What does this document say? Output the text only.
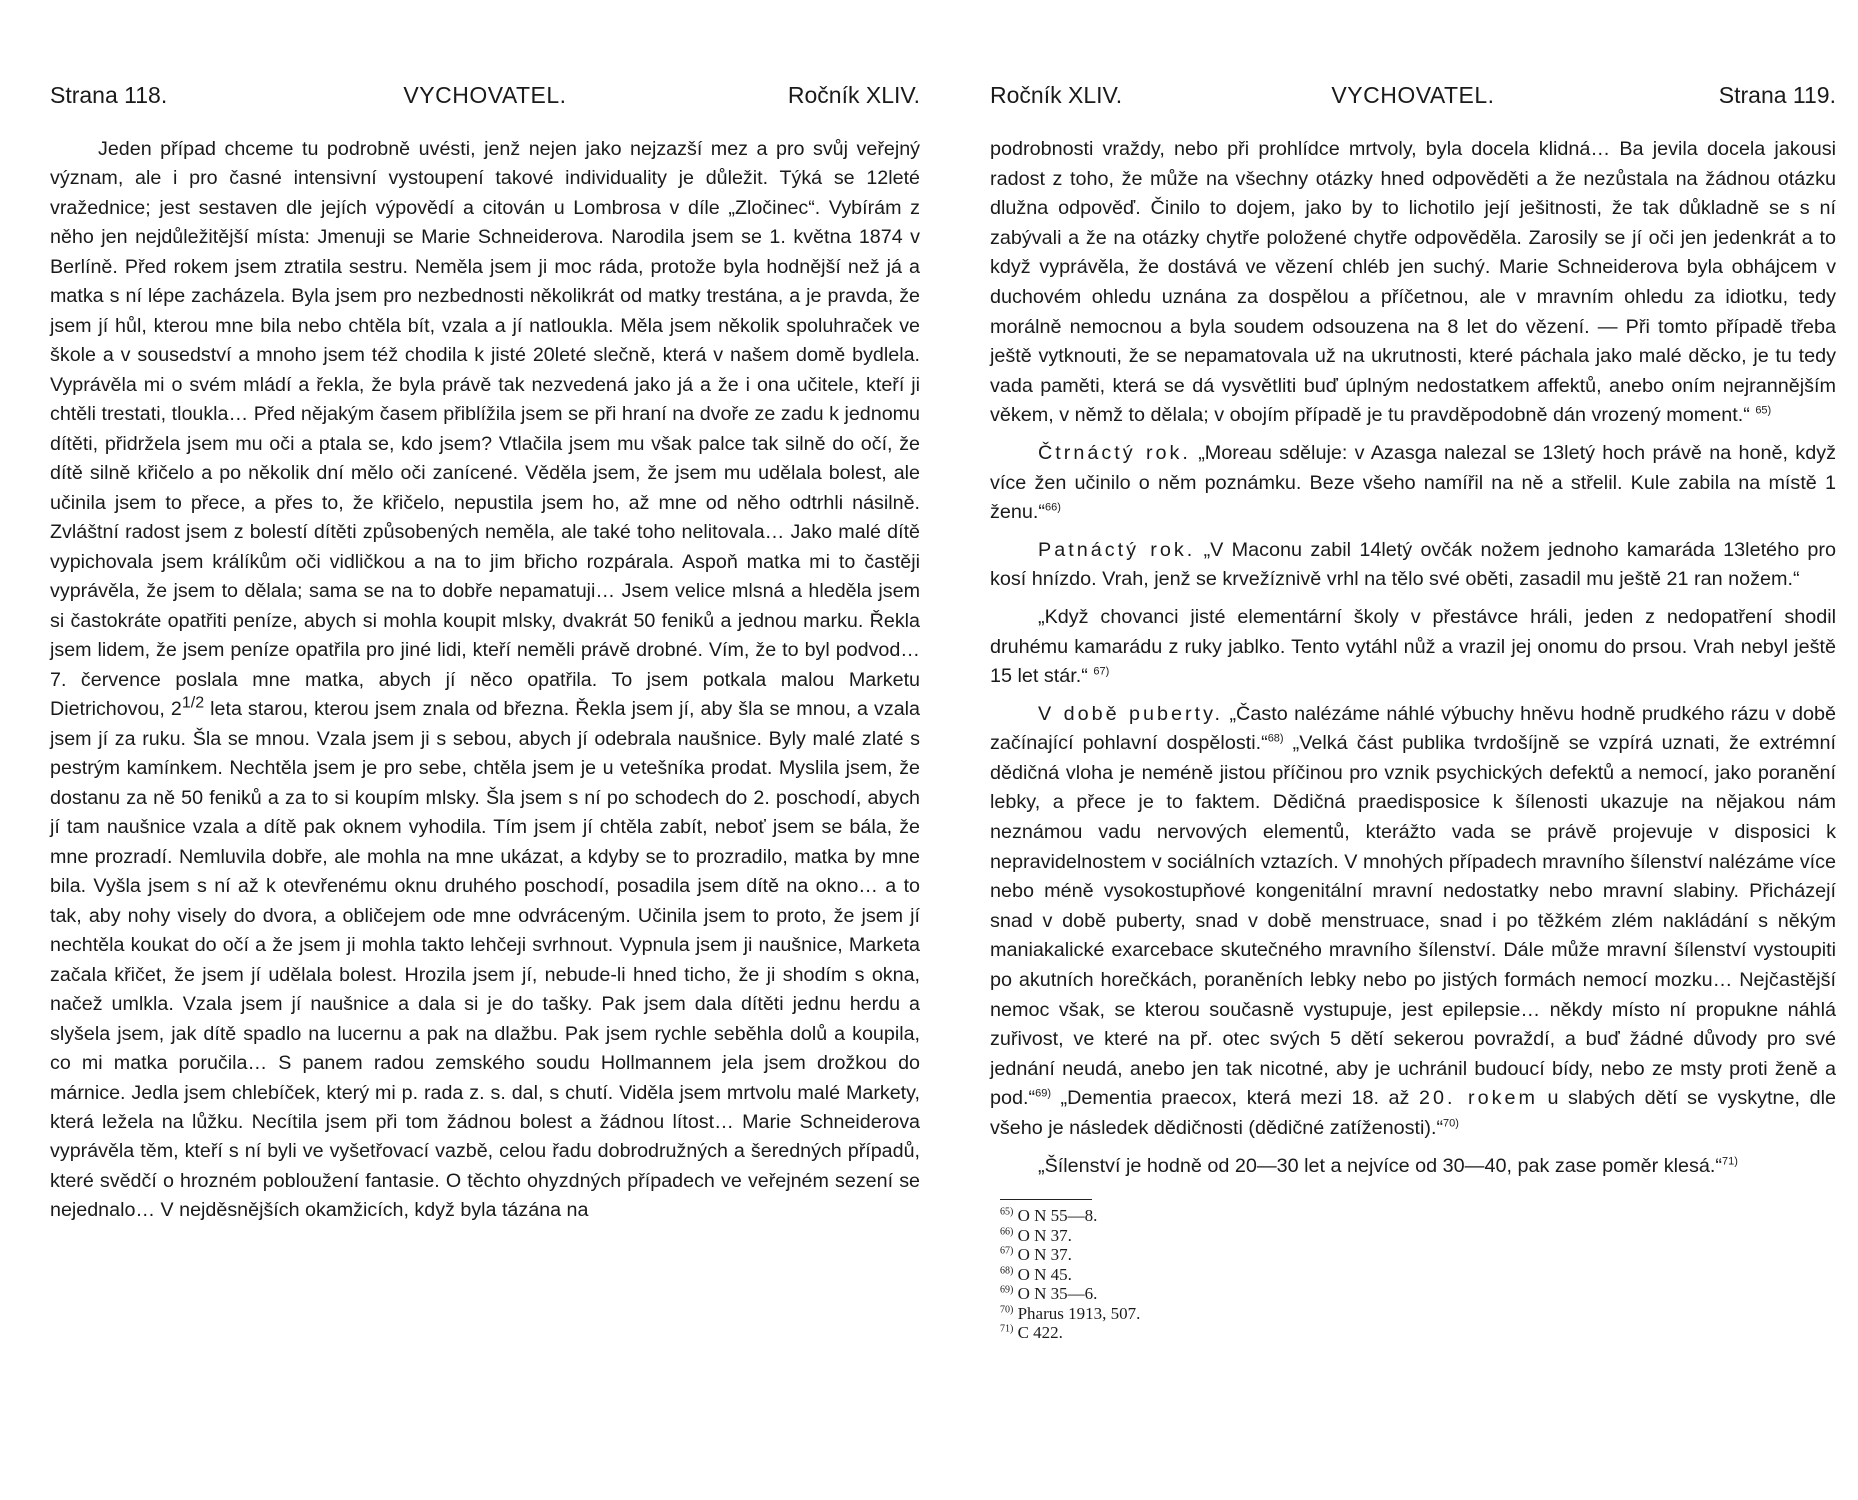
Strana 118.	VYCHOVATEL.	Ročník XLIV.

Jeden případ chceme tu podrobně uvésti, jenž nejen jako nejzazší mez a pro svůj veřejný význam, ale i pro časné intensivní vystoupení takové individuality je důležit. Týká se 12leté vražednice; jest sestaven dle jejích výpovědí a citován u Lombrosa v díle „Zločinec“. Vybírám z něho jen nejdůležitější místa: Jmenuji se Marie Schneiderova. Narodila jsem se 1. května 1874 v Berlíně. Před rokem jsem ztratila sestru. Neměla jsem ji moc ráda, protože byla hodnější než já a matka s ní lépe zacházela. Byla jsem pro nezbednosti několikrát od matky trestána, a je pravda, že jsem jí hůl, kterou mne bila nebo chtěla bít, vzala a jí natloukla. Měla jsem několik spoluhraček ve škole a v sousedství a mnoho jsem též chodila k jisté 20leté slečně, která v našem domě bydlela. Vyprávěla mi o svém mládí a řekla, že byla právě tak nezvedená jako já a že i ona učitele, kteří ji chtěli trestati, tloukla… Před nějakým časem přiblížila jsem se při hraní na dvoře ze zadu k jednomu dítěti, přidržela jsem mu oči a ptala se, kdo jsem? Vtlačila jsem mu však palce tak silně do očí, že dítě silně křičelo a po několik dní mělo oči zanícené. Věděla jsem, že jsem mu udělala bolest, ale učinila jsem to přece, a přes to, že křičelo, nepustila jsem ho, až mne od něho odtrhli násilně. Zvláštní radost jsem z bolestí dítěti způsobených neměla, ale také toho nelitovala… Jako malé dítě vypichovala jsem králíkům oči vidličkou a na to jim břicho rozpárala. Aspoň matka mi to častěji vyprávěla, že jsem to dělala; sama se na to dobře nepamatuji… Jsem velice mlsná a hleděla jsem si častokráte opatřiti peníze, abych si mohla koupit mlsky, dvakrát 50 feniků a jednou marku. Řekla jsem lidem, že jsem peníze opatřila pro jiné lidi, kteří neměli právě drobné. Vím, že to byl podvod… 7. července poslala mne matka, abych jí něco opatřila. To jsem potkala malou Marketu Dietrichovou, $2^{1/2}$ leta starou, kterou jsem znala od března. Řekla jsem jí, aby šla se mnou, a vzala jsem jí za ruku. Šla se mnou. Vzala jsem ji s sebou, abych jí odebrala naušnice. Byly malé zlaté s pestrým kamínkem. Nechtěla jsem je pro sebe, chtěla jsem je u vetešníka prodat. Myslila jsem, že dostanu za ně 50 feniků a za to si koupím mlsky. Šla jsem s ní po schodech do 2. poschodí, abych jí tam naušnice vzala a dítě pak oknem vyhodila. Tím jsem jí chtěla zabít, neboť jsem se bála, že mne prozradí. Nemluvila dobře, ale mohla na mne ukázat, a kdyby se to prozradilo, matka by mne bila. Vyšla jsem s ní až k otevřenému oknu druhého poschodí, posadila jsem dítě na okno… a to tak, aby nohy visely do dvora, a obličejem ode mne odvráceným. Učinila jsem to proto, že jsem jí nechtěla koukat do očí a že jsem ji mohla takto lehčeji svrhnout. Vypnula jsem ji naušnice, Marketa začala křičet, že jsem jí udělala bolest. Hrozila jsem jí, nebude-li hned ticho, že ji shodím s okna, načež umlkla. Vzala jsem jí naušnice a dala si je do tašky. Pak jsem dala dítěti jednu herdu a slyšela jsem, jak dítě spadlo na lucernu a pak na dlažbu. Pak jsem rychle seběhla dolů a koupila, co mi matka poručila… S panem radou zemského soudu Hollmannem jela jsem drožkou do márnice. Jedla jsem chlebíček, který mi p. rada z. s. dal, s chutí. Viděla jsem mrtvolu malé Markety, která ležela na lůžku. Necítila jsem při tom žádnou bolest a žádnou lítost… Marie Schneiderova vyprávěla těm, kteří s ní byli ve vyšetřovací vazbě, celou řadu dobrodružných a šeredných případů, které svědčí o hrozném pobloužení fantasie. O těchto ohyzdných případech ve veřejném sezení se nejednalo… V nejděsnějších okamžicích, když byla tázána na

Ročník XLIV.	VYCHOVATEL.	Strana 119.

podrobnosti vraždy, nebo při prohlídce mrtvoly, byla docela klidná… Ba jevila docela jakousi radost z toho, že může na všechny otázky hned odpověděti a že nezůstala na žádnou otázku dlužna odpověď. Činilo to dojem, jako by to lichotilo její ješitnosti, že tak důkladně se s ní zabývali a že na otázky chytře položené chytře odpověděla. Zarosily se jí oči jen jedenkrát a to když vyprávěla, že dostává ve vězení chléb jen suchý. Marie Schneiderova byla obhájcem v duchovém ohledu uznána za dospělou a příčetnou, ale v mravním ohledu za idiotku, tedy morálně nemocnou a byla soudem odsouzena na 8 let do vězení. — Při tomto případě třeba ještě vytknouti, že se nepamatovala už na ukrutnosti, které páchala jako malé děcko, je tu tedy vada paměti, která se dá vysvětliti buď úplným nedostatkem affektů, anebo oním nejrannějším věkem, v němž to dělala; v obojím případě je tu pravděpodobně dán vrozený moment.“ $^{65)}$

Čtrnáctý rok. „Moreau sděluje: v Azasga nalezal se 13letý hoch právě na honě, když více žen učinilo o něm poznámku. Beze všeho namířil na ně a střelil. Kule zabila na místě 1 ženu.“$^{66)}$

Patnáctý rok. „V Maconu zabil 14letý ovčák nožem jednoho kamaráda 13letého pro kosí hnízdo. Vrah, jenž se krvežíznivě vrhl na tělo své oběti, zasadil mu ještě 21 ran nožem.“

„Když chovanci jisté elementární školy v přestávce hráli, jeden z nedopatření shodil druhému kamarádu z ruky jablko. Tento vytáhl nůž a vrazil jej onomu do prsou. Vrah nebyl ještě 15 let stár.“ $^{67)}$

V době puberty. „Často nalézáme náhlé výbuchy hněvu hodně prudkého rázu v době začínající pohlavní dospělosti.“$^{68)}$ „Velká část publika tvrdošíjně se vzpírá uznati, že extrémní dědičná vloha je neméně jistou příčinou pro vznik psychických defektů a nemocí, jako poranění lebky, a přece je to faktem. Dědičná praedisposice k šílenosti ukazuje na nějakou nám neznámou vadu nervových elementů, kterážto vada se právě projevuje v disposici k nepravidelnostem v sociálních vztazích. V mnohých případech mravního šílenství nalézáme více nebo méně vysokostupňové kongenitální mravní nedostatky nebo mravní slabiny. Přicházejí snad v době puberty, snad v době menstruace, snad i po těžkém zlém nakládání s někým maniakalické exarcebace skutečného mravního šílenství. Dále může mravní šílenství vystoupiti po akutních horečkách, poraněních lebky nebo po jistých formách nemocí mozku… Nejčastější nemoc však, se kterou současně vystupuje, jest epilepsie… někdy místo ní propukne náhlá zuřivost, ve které na př. otec svých 5 dětí sekerou povraždí, a buď žádné důvody pro své jednání neudá, anebo jen tak nicotné, aby je uchránil budoucí bídy, nebo ze msty proti ženě a pod.“$^{69)}$ „Dementia praecox, která mezi 18. až 20. rokem u slabých dětí se vyskytne, dle všeho je následek dědičnosti (dědičné zatíženosti).“$^{70)}$

„Šílenství je hodně od 20—30 let a nejvíce od 30—40, pak zase poměr klesá.“$^{71)}$

$^{65)}$ O N 55—8.
$^{66)}$ O N 37.
$^{67)}$ O N 37.
$^{68)}$ O N 45.
$^{69)}$ O N 35—6.
$^{70)}$ Pharus 1913, 507.
$^{71)}$ C 422.
